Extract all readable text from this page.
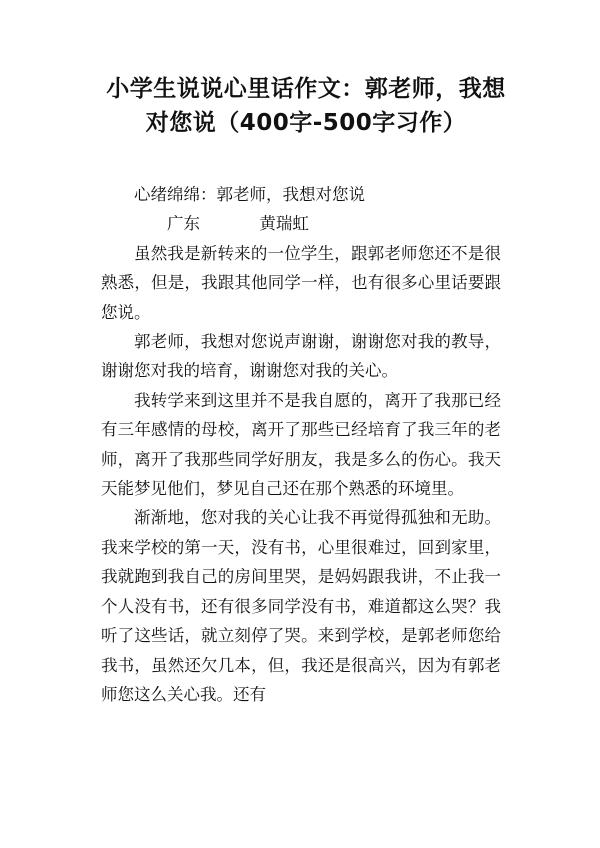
小学生说说心里话作文：郭老师，我想对您说（400字-500字习作）

心绪绵绵：郭老师，我想对您说

广东	黄瑞虹

虽然我是新转来的一位学生，跟郭老师您还不是很熟悉，但是，我跟其他同学一样，也有很多心里话要跟您说。

郭老师，我想对您说声谢谢，谢谢您对我的教导，谢谢您对我的培育，谢谢您对我的关心。

我转学来到这里并不是我自愿的，离开了我那已经有三年感情的母校，离开了那些已经培育了我三年的老师，离开了我那些同学好朋友，我是多么的伤心。我天天能梦见他们，梦见自己还在那个熟悉的环境里。

渐渐地，您对我的关心让我不再觉得孤独和无助。我来学校的第一天，没有书，心里很难过，回到家里，我就跑到我自己的房间里哭，是妈妈跟我讲，不止我一个人没有书，还有很多同学没有书，难道都这么哭？我听了这些话，就立刻停了哭。来到学校，是郭老师您给我书，虽然还欠几本，但，我还是很高兴，因为有郭老师您这么关心我。还有
